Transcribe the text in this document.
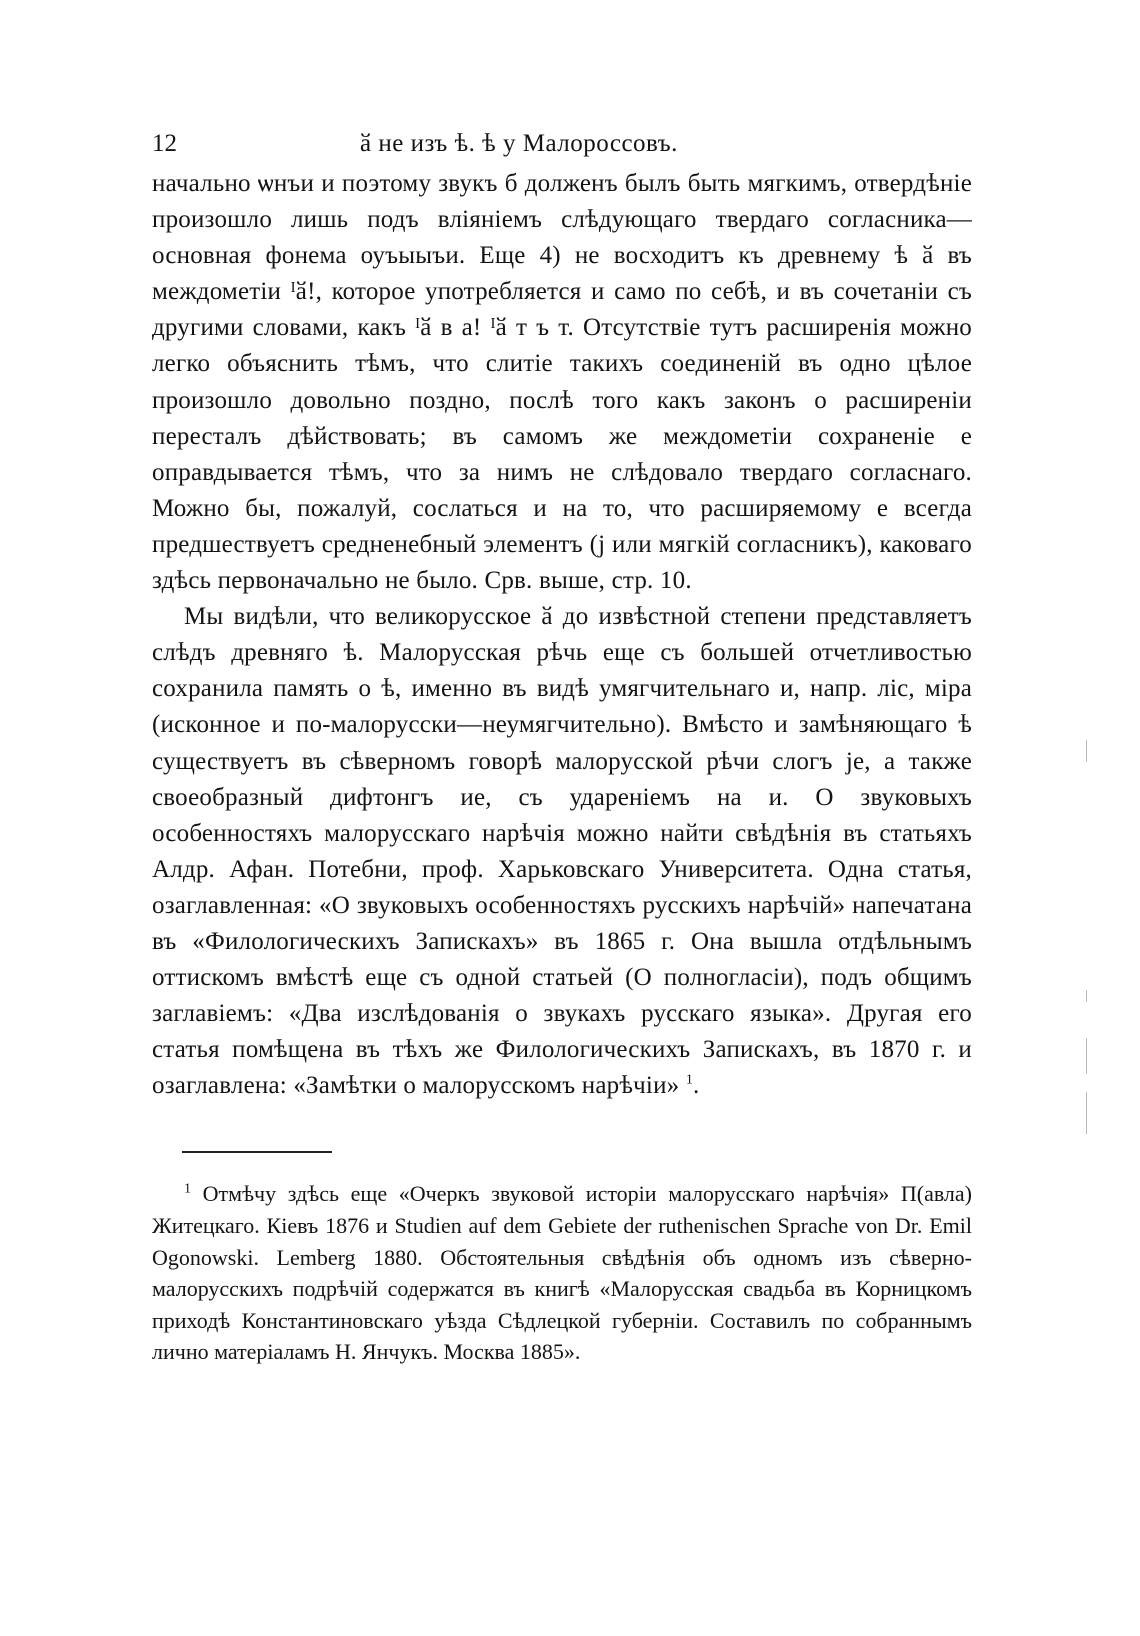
12	ӑ не изъ ѣ. ѣ у Малороссовъ.

начально ѡнъи и поэтому звукъ б долженъ былъ быть мягкимъ, отвердѣніе произошло лишь подъ вліяніемъ слѣдующаго твердаго согласника—основная фонема оуъыыъи. Еще 4) не восходитъ къ древнему ѣ ӑ въ междометіи ᴵӑ!, которое употребляется и само по себѣ, и въ сочетаніи съ другими словами, какъ ᴵӑ в а! ᴵӑ т ъ т. Отсутствіе тутъ расширенія можно легко объяснить тѣмъ, что слитіе такихъ соединеній въ одно цѣлое произошло довольно поздно, послѣ того какъ законъ о расширеніи пересталъ дѣйствовать; въ самомъ же междометіи сохраненіе е оправдывается тѣмъ, что за нимъ не слѣдовало твердаго согласнаго. Можно бы, пожалуй, сослаться и на то, что расширяемому е всегда предшествуетъ средненебный элементъ (j или мягкій согласникъ), каковаго здѣсь первоначально не было. Срв. выше, стр. 10.

Мы видѣли, что великорусское ӑ до извѣстной степени представляетъ слѣдъ древняго ѣ. Малорусская рѣчь еще съ большей отчетливостью сохранила память о ѣ, именно въ видѣ умягчительнаго и, напр. ліс, міра (исконное и по-малорусски—неумягчительно). Вмѣсто и замѣняющаго ѣ существуетъ въ сѣверномъ говорѣ малорусской рѣчи слогъ je, а также своеобразный дифтонгъ ие, съ удареніемъ на и. О звуковыхъ особенностяхъ малорусскаго нарѣчія можно найти свѣдѣнія въ статьяхъ Алдр. Афан. Потебни, проф. Харьковскаго Университета. Одна статья, озаглавленная: «О звуковыхъ особенностяхъ русскихъ нарѣчій» напечатана въ «Филологическихъ Запискахъ» въ 1865 г. Она вышла отдѣльнымъ оттискомъ вмѣстѣ еще съ одной статьей (О полногласіи), подъ общимъ заглавіемъ: «Два изслѣдованія о звукахъ русскаго языка». Другая его статья помѣщена въ тѣхъ же Филологическихъ Запискахъ, въ 1870 г. и озаглавлена: «Замѣтки о малорусскомъ нарѣчіи» $^1$.

$^1$ Отмѣчу здѣсь еще «Очеркъ звуковой исторіи малорусскаго нарѣчія» П(авла) Житецкаго. Кіевъ 1876 и Studien auf dem Gebiete der ruthenischen Sprache von Dr. Emil Ogonowski. Lemberg 1880. Обстоятельныя свѣдѣнія объ одномъ изъ сѣверно-малорусскихъ подрѣчій содержатся въ книгѣ «Малорусская свадьба въ Корницкомъ приходѣ Константиновскаго уѣзда Сѣдлецкой губерніи. Составилъ по собраннымъ лично матеріаламъ Н. Янчукъ. Москва 1885».
